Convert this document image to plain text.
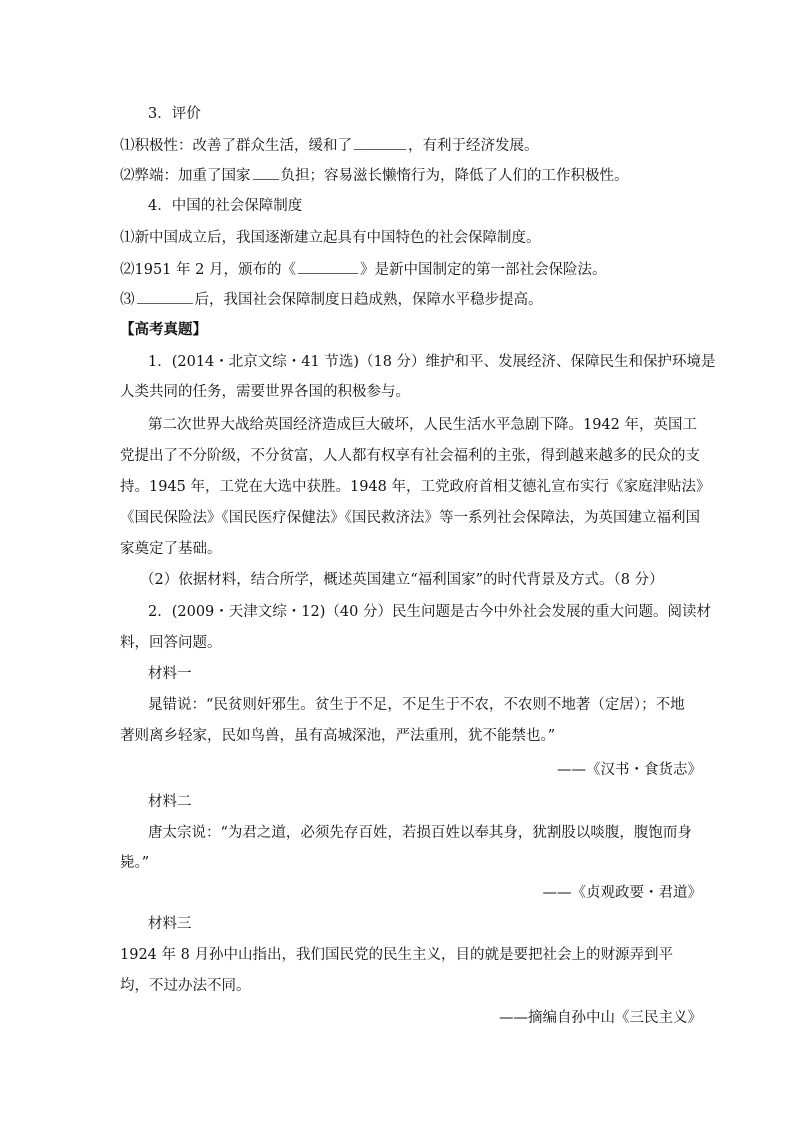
3．评价
⑴积极性：改善了群众生活，缓和了	，有利于经济发展。
⑵弊端：加重了国家 负担；容易滋长懒惰行为，降低了人们的工作积极性。
4．中国的社会保障制度
⑴新中国成立后，我国逐渐建立起具有中国特色的社会保障制度。
⑵1951 年 2 月，颁布的《	》是新中国制定的第一部社会保险法。
⑶	后，我国社会保障制度日趋成熟，保障水平稳步提高。
【高考真题】
1．(2014・北京文综・41 节选)（18 分）维护和平、发展经济、保障民生和保护环境是
人类共同的任务，需要世界各国的积极参与。
第二次世界大战给英国经济造成巨大破坏，人民生活水平急剧下降。1942 年，英国工
党提出了不分阶级，不分贫富，人人都有权享有社会福利的主张，得到越来越多的民众的支
持。1945 年，工党在大选中获胜。1948 年，工党政府首相艾德礼宣布实行《家庭津贴法》
《国民保险法》《国民医疗保健法》《国民救济法》等一系列社会保障法，为英国建立福利国
家奠定了基础。
（2）依据材料，结合所学，概述英国建立“福利国家”的时代背景及方式。（8 分）
2．(2009・天津文综・12)（40 分）民生问题是古今中外社会发展的重大问题。阅读材
料，回答问题。
材料一
晁错说：“民贫则奸邪生。贫生于不足，不足生于不农，不农则不地著（定居）；不地
著则离乡轻家，民如鸟兽，虽有高城深池，严法重刑，犹不能禁也。”
——《汉书・食货志》
材料二
唐太宗说：“为君之道，必须先存百姓，若损百姓以奉其身，犹割股以啖腹，腹饱而身
毙。”
——《贞观政要・君道》
材料三
1924 年 8 月孙中山指出，我们国民党的民生主义，目的就是要把社会上的财源弄到平
均，不过办法不同。
——摘编自孙中山《三民主义》
